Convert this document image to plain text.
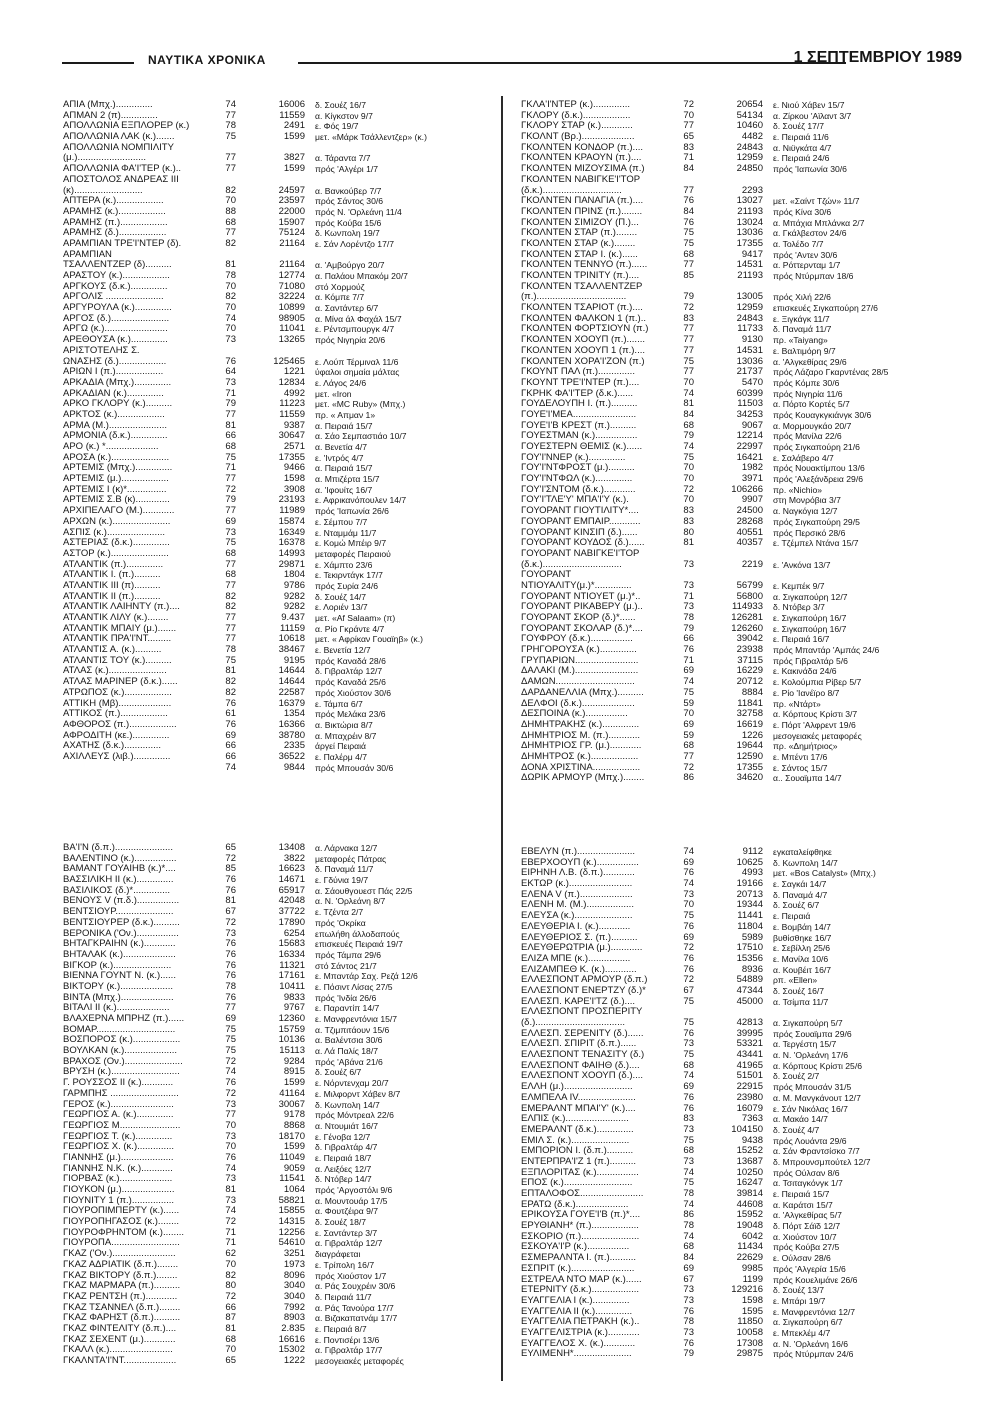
ΝΑΥΤΙΚΑ ΧΡΟΝΙΚΑ	1 ΣΕΠΤΕΜΒΡΙΟΥ 1989
ΑΠΙΑ (Μπχ.)..............	74	16006 δ. Σουέζ 16/7
ΑΠΜΑΝ 2 (π)..............	77	11559 α. Κίγκστον 9/7
ΑΠΟΛΛΩΝΙΑ ΕΞΠΛΟΡΕΡ (κ.)	78	2491 ε. Φός 19/7
ΑΠΟΛΛΩΝΙΑ ΛΑΚ (κ.).......	75	1599 μετ. «Μάρκ Τσάλλεντζερ» (κ.)
ΑΠΟΛΛΩΝΙΑ ΝΟΜΠΙΛΙΤΥ
(μ.)..........................	77	3827 α. Τάραντα 7/7
ΑΠΟΛΛΩΝΙΑ ΦΑ'Ι'ΤΕΡ (κ.)..	77	1599 πρός 'Αλγέρι 1/7
ΑΠΟΣΤΟΛΟΣ ΑΝΔΡΕΑΣ III
(κ)..........................	82	24597 α. Βανκούβερ 7/7
ΑΠΤΕΡΑ (κ.)..................	70	23597 πρός Σάντος 30/6
ΑΡΑΜΗΣ (κ.)..................	88	22000 πρός Ν. 'Ορλεάνη 11/4
ΑΡΑΜΗΣ (π.)..................	68	15907 πρός Κούβα 15/6
ΑΡΑΜΗΣ (δ.)..................	77	75124 δ. Κωνπολη 19/7
ΑΡΑΜΠΙΑΝ ΤΡΕ'Ι'ΝΤΕΡ (δ).	82	21164 ε. Σάν Λορέντζο 17/7
ΑΡΑΜΠΙΑΝ
ΤΣΑΛΛΕΝΤΖΕΡ (δ)..........	81	21164 α. 'Αμβούργο 20/7
ΑΡΑΣΤΟΥ (κ.)..................	78	12774 α. Παλάου Μπακόμ 20/7
ΑΡΓΚΟΥΣ (δ.κ.)..............	70	71080 στό Χορμούζ
ΑΡΓΟΛΙΣ ......................	82	32224 α. Κόμπε 7/7
ΑΡΓΥΡΟΥΛΑ (κ.)..............	70	10899 α. Σαντάντερ 6/7
ΑΡΓΟΣ (δ.)......................	74	98905 α. Μίνα άλ Φαχάλ 15/7
ΑΡΓΩ (κ.)........................	70	11041 ε. Ρέντσμπουργκ 4/7
ΑΡΕΘΟΥΣΑ (κ.)..............	73	13265 πρός Νιγηρία 20/6
ΑΡΙΣΤΟΤΕΛΗΣ Σ.
ΩΝΑΣΗΣ (δ.)..................	76	125465 ε. Λούπ Τέρμιναλ 11/6
ΑΡΙΩΝ Ι (π.)..................	64	1221 ύφαλοι σημαία μάλτας
ΑΡΚΑΔΙΑ (Μπχ.)..............	73	12834 ε. Λάγος 24/6
ΑΡΚΑΔΙΑΝ (κ.)..............	71	4992 μετ. «Iron
ΑΡΚΟ ΓΚΛΟΡΥ (κ.)..........	79	11223 μετ. «MC Ruby» (Μπχ.)
ΑΡΚΤΟΣ (κ.)..................	77	11559 πρ. « Απμαν 1»
ΑΡΜΑ (Μ.)......................	81	9387 α. Πειραιά 15/7
ΑΡΜΟΝΙΑ (δ.κ.)..............	66	30647 α. Σάο Σεμπαστιάο 10/7
ΑΡΟ (κ.) *....................	68	2571 α. Βενετία 4/7
ΑΡΟΣΑ (κ.)......................	75	17355 ε. 'Ιντρός 4/7
ΑΡΤΕΜΙΣ (Μπχ.)..............	71	9466 α. Πειραιά 15/7
ΑΡΤΕΜΙΣ (μ.)..................	77	1598 α. Μπιζέρτα 15/7
ΑΡΤΕΜΙΣ Ι (κ)*...............	72	3908 α. 'Ιφουίτς 16/7
ΑΡΤΕΜΙΣ Σ.Β (κ).............	79	23193 ε. Αφρικανόπουλεν 14/7
ΑΡΧΙΠΕΛΑΓΟ (Μ.)............	77	11989 πρός 'Ιαπωνία 26/6
ΑΡΧΩΝ (κ.)......................	69	15874 ε. Σέμπου 7/7
ΑΣΠΙΣ (κ.)......................	73	16349 ε. Νταμμάμ 11/7
ΑΣΤΕΡΙΑΣ (δ.κ.)..............	75	16378 ε. Κομώ Μπέιρ 9/7
ΑΣΤΟΡ (κ.)......................	68	14993 μεταφορές Πειραιού
ΑΤΛΑΝΤΙΚ (π.)..............	77	29871 ε. Χάμπτο 23/6
ΑΤΛΑΝΤΙΚ Ι. (π.)..........	68	1804 ε. Τεκιρντάγκ 17/7
ΑΤΛΑΝΤΙΚ ΙΙΙ (π)..........	77	9786 πρός Συρία 24/6
ΑΤΛΑΝΤΙΚ ΙΙ (π.)..........	82	9282 δ. Σουέζ 14/7
ΑΤΛΑΝΤΙΚ ΛΑΙΗΝΤΥ (π.)....	82	9282 ε. Λοριέν 13/7
ΑΤΛΑΝΤΙΚ ΛΙΛΥ (κ.)........	77	9.437 μετ. «Af Salaam» (π)
ΑΤΛΑΝΤΙΚ ΜΠΑΙΥ (μ.).......	77	11159 α. Ρίο Γκράντε 4/7
ΑΤΛΑΝΤΙΚ ΠΡΑ'Ι'ΝΤ.........	77	10618 μετ. « Αφρίκαν Γουαϊηβ» (κ.)
ΑΤΛΑΝΤΙΣ Α. (κ.)..........	78	38467 ε. Βενετία 12/7
ΑΤΛΑΝΤΙΣ ΤΟΥ (κ.)..........	75	9195 πρός Καναδά 28/6
ΑΤΛΑΣ (κ.)......................	81	14644 δ. Γιβραλτάρ 12/7
ΑΤΛΑΣ ΜΑΡΙΝΕΡ (δ.κ.)......	82	14644 πρός Καναδά 25/6
ΑΤΡΩΠΟΣ (κ.)..................	82	22587 πρός Χιούστον 30/6
ΑΤΤΙΚΗ (Μβ)....................	76	16379 ε. Τάμπα 6/7
ΑΤΤΙΚΟΣ (π.)..................	61	1354 πρός Μελάκα 23/6
ΑΦΘΟΡΟΣ (π.)..................	76	16366 α. Βικτώρια 8/7
ΑΦΡΟΔΙΤΗ (κε.)..............	69	38780 α. Μπαχρέιν 8/7
ΑΧΑΤΗΣ (δ.κ.)..............	66	2335 άργεί Πειραιά
ΑΧΙΛΛΕΥΣ (λιβ.)..............	66	36522 ε. Παλέρμ 4/7
74	9844 πρός Μπουσάν 30/6
ΓΚΛΑ'Ι'ΝΤΕΡ (κ.)..............	72	20654 ε. Νιού Χάβεν 15/7
ΓΚΛΟΡΥ (δ.κ.)..................	70	54134 α. Ζίρκου 'Αϊλαντ 3/7
ΓΚΛΟΡΥ ΣΤΑΡ (κ.)............	77	10460 δ. Σουέζ 17/7
ΓΚΟΛΝΤ (Βρ.)....................	65	4482 ε. Πειραιά 11/6
ΓΚΟΛΝΤΕΝ ΚΟΝΔΟΡ (π.)....	83	24843 α. Νιϋγκάτα 4/7
ΓΚΟΛΝΤΕΝ ΚΡΑΟΥΝ (π.)....	71	12959 ε. Πειραιά 24/6
ΓΚΟΛΝΤΕΝ ΜΙΖΟΥΣΙΜΑ (π.)	84	24850 πρός 'Ιαπωνία 30/6
ΓΚΟΛΝΤΕΝ ΝΑΒΙΓΚΕ'Ι'ΤΟΡ
(δ.κ.)..............................	77	2293
ΓΚΟΛΝΤΕΝ ΠΑΝΑΓΙΑ (π.)....	76	13027 μετ. «Σαίντ Τζών» 11/7
ΓΚΟΛΝΤΕΝ ΠΡΙΝΣ (π.)........	84	21193 πρός Κίνα 30/6
ΓΚΟΛΝΤΕΝ ΣΙΜΙΖΟΥ (Π.)...	76	13024 α. Μπάχια Μπλάνκα 2/7
ΓΚΟΛΝΤΕΝ ΣΤΑΡ (π.)........	75	13036 α. Γκάλβεστον 24/6
ΓΚΟΛΝΤΕΝ ΣΤΑΡ (κ.)........	75	17355 α. Τολέδο 7/7
ΓΚΟΛΝΤΕΝ ΣΤΑΡ Ι. (κ.)......	68	9417 πρός 'Αντεν 30/6
ΓΚΟΛΝΤΕΝ ΤΕΝΝΥΟ (π.)......	77	14531 α. Ρόττερνταμ 1/7
ΓΚΟΛΝΤΕΝ ΤΡΙΝΙΤΥ (π.)....	85	21193 πρός Ντύρμπαν 18/6
ΓΚΟΛΝΤΕΝ ΤΣΑΛΛΕΝΤΖΕΡ
(π.)..................................	79	13005 πρός Χιλή 22/6
ΓΚΟΛΝΤΕΝ ΤΣΑΡΙΟΤ (π.)....	72	12959 επισκευές Σιγκαπούρη 27/6
ΓΚΟΛΝΤΕΝ ΦΑΛΚΟΝ 1 (π.)..	83	24843 ε. Ξιγκάγκ 11/7
ΓΚΟΛΝΤΕΝ ΦΟΡΤΣΙΟΥΝ (π.)	77	11733 δ. Παναμά 11/7
ΓΚΟΛΝΤΕΝ ΧΟΟΥΠ (π.).......	77	9130 πρ. «Taiyang»
ΓΚΟΛΝΤΕΝ ΧΟΟΥΠ 1 (π.)....	77	14531 ε. Βαλτιμόρη 9/7
ΓΚΟΛΝΤΕΝ ΧΟΡΑ'Ι'ΖΟΝ (π.)	75	13036 α. 'Αλγκεθίρας 29/6
ΓΚΟΥΝΤ ΠΑΛ (π.)..............	77	21737 πρός Λάζαρο Γκαρντένας 28/5
ΓΚΟΥΝΤ ΤΡΕ'Ι'ΝΤΕΡ (π.)....	70	5470 πρός Κόμπε 30/6
ΓΚΡΗΚ ΦΑ'Ι'ΤΕΡ (δ.κ.)......	74	60399 πρός Νιγηρία 11/6
ΓΟΥΔΕΛΟΥΠΗ Ι. (π.)..........	81	11503 α. Πόρτο Κορτές 5/7
ΓΟΥΕ'Ι'ΜΕΑ........................	84	34253 πρός Κουαγκγκιάνγκ 30/6
ΓΟΥΕ'Ι'Β ΚΡΕΣΤ (π.)..........	68	9067 α. Μορμουγκάο 20/7
ΓΟΥΕΣΤΜΑΝ (κ.)................	79	12214 πρός Μανίλα 22/6
ΓΟΥΕΣΤΕΡΝ ΘΕΜΙΣ (κ.)......	74	22997 πρός Σιγκαπούρη 21/6
ΓΟΥ'Ι'ΝΝΕΡ (κ.)..............	75	16421 ε. Σαλάβερο 4/7
ΓΟΥ'Ι'ΝΤΦΡΟΣΤ (μ.)..........	70	1982 πρός Νουακτίμπου 13/6
ΓΟΥ'Ι'ΝΤΦΩΛ (κ.)..............	70	3971 πρός 'Αλεξάνδρεια 29/6
ΓΟΥ'Ι'ΣΝΤΟΜ (δ.κ.)............	72	106266 πρ. «Nichio»
ΓΟΥ'Ι'ΤΛΕ'Υ' ΜΠΑ'Ι'Υ (κ.).	70	9907 στη Μονρόβια 3/7
ΓΟΥΟΡΑΝΤ ΓΙΟΥΤΙΛΙΤΥ*....	83	24500 α. Ναγκόγια 12/7
ΓΟΥΟΡΑΝΤ ΕΜΠΑΙΡ............	83	28268 πρός Σιγκαπούρη 29/5
ΓΟΥΟΡΑΝΤ ΚΙΝΣΙΠ (δ.)......	80	40551 πρός Περσικό 28/6
ΓΟΥΟΡΑΝΤ ΚΟΥΔΟΣ (δ.)......	81	40357 ε. Τζέμπελ Ντάνα 15/7
ΓΟΥΟΡΑΝΤ ΝΑΒΙΓΚΕ'Ι'ΤΟΡ
(δ.κ.)..............................	73	2219 ε. 'Ανκόνα 13/7
ΓΟΥΟΡΑΝΤ
ΝΤΙΟΥΑΛΙΤΥ(μ.)*..............	73	56799 ε. Κεμπέκ 9/7
ΓΟΥΟΡΑΝΤ ΝΤΙΟΥΕΤ (μ.)*..	71	56800 α. Σιγκαπούρη 12/7
ΓΟΥΟΡΑΝΤ ΡΙΚΑΒΕΡΥ (μ.)..	73	114933 δ. Ντόβερ 3/7
ΓΟΥΟΡΑΝΤ ΣΚΟΡ (δ.)*......	78	126281 ε. Σιγκαπούρη 16/7
ΓΟΥΟΡΑΝΤ ΣΚΟΛΑΡ (δ.)*....	79	126260 ε. Σιγκαπούρη 16/7
ΓΟΥΦΡΟΥ (δ.κ.)................	66	39042 ε. Πειραιά 16/7
ΓΡΗΓΟΡΟΥΣΑ (κ.)..............	76	23938 πρός Μπαντάρ 'Αμπάς 24/6
ΓΡΥΠΑΡΙΩΝ........................	71	37115 πρός Γιβραλτάρ 5/6
ΔΑΛΑΚΙ (Μ.)........................	69	16229 ε. Κακινάδα 24/6
ΔΑΜΩΝ..............................	74	20712 ε. Κολούμπια Ρίβερ 5/7
ΔΑΡΔΑΝΕΛΛΙΑ (Μπχ.)..........	75	8884 ε. Ρίο 'Ιανέϊρο 8/7
ΔΕΛΦΟΙ (δ.κ.)....................	59	11841 πρ. «Ντάρτ»
ΔΕΣΠΟΙΝΑ (κ.)................	70	32758 α. Κόρπους Κρίστι 3/7
ΔΗΜΗΤΡΑΚΗΣ (κ.)..............	69	16619 ε. Πόρτ 'Αλφρεντ 19/6
ΔΗΜΗΤΡΙΟΣ Μ. (π.)............	59	1226 μεσογειακές μεταφορές
ΔΗΜΗΤΡΙΟΣ ΓΡ. (μ.)............	68	19644 πρ. «Δημήτριος»
ΔΗΜΗΤΡΟΣ (κ.)..................	77	12590 ε. Μπέντι 17/6
ΔΟΝΑ ΧΡΙΣΤΙΝΑ..................	72	17355 ε. Σάντος 15/7
ΔΩΡΙΚ ΑΡΜΟΥΡ (Μπχ.)........	86	34620 α.. Σουαϊμπα 14/7
ΒΑ'Ι'Ν (δ.π.)......................	65	13408 α. Λάρνακα 12/7
ΒΑΛΕΝΤΙΝΟ (κ.)................	72	3822 μεταφορές Πάτρας
ΒΑΜΑΝΤ ΓΟΥΑΙΗΒ (κ.)*....	85	16623 δ. Παναμά 11/7
ΒΑΣΣΙΛΙΚΗ ΙΙ (κ.)..............	76	14671 ε. Γδύνια 19/7
ΒΑΣΙΛΙΚΟΣ (δ.)*..............	76	65917 α. Σάουθγουεστ Πάς 22/5
ΒΕΝΟΥΣ V (π.δ.)................	81	42048 α. Ν. 'Ορλεάνη 8/7
ΒΕΝΤΣΙΟΥΡ......................	67	37722 ε. Τζέντα 2/7
ΒΕΝΤΣΙΟΥΡΕΡ (δ.κ.)..........	72	17890 πρός 'Οκρίκα
ΒΕΡΟΝΙΚΑ ('Ον.)................	73	6254 επωλήθη άλλοδαπούς
ΒΗΤΑΓΚΡΑΙΗΝ (κ.)............	76	15683 επισκευές Πειραιά 19/7
ΒΗΤΑΛΑΚ (κ.)....................	76	16334 πρός Τάμπα 29/6
ΒΙΓΚΟΡ (κ.)......................	76	11321 στό Σάντος 21/7
ΒΙΕΝΝΑ ΓΟΥΝΤ Ν. (κ.)......	76	17161 ε. Μπαντάρ Σαχ. Ρεζά 12/6
ΒΙΚΤΟΡΥ (κ.)....................	78	10411 ε. Πόσιντ Λίσας 27/5
ΒΙΝΤΑ (Μπχ.)....................	76	9833 πρός 'Ινδία 26/6
ΒΙΤΑΛΙ ΙΙ (κ.)....................	77	9767 ε. Παραντίπ 14/7
ΒΛΑΧΕΡΝΑ ΜΠΡΗΖ (π.)......	69	12360 ε. Μανφρεντόνια 15/7
ΒΟΜΑΡ..............................	75	15759 α. Τζιμπιτάουν 15/6
ΒΟΣΠΟΡΟΣ (κ.)..................	75	10136 α. Βαλέντσια 30/6
ΒΟΥΛΚΑΝ (κ.)....................	75	15113 α. Λά Παλίς 18/7
ΒΡΑΧΟΣ (Ον.)......................	72	9284 πρός 'Αβάνα 21/6
ΒΡΥΣΗ (κ.)..........................	74	8915 δ. Σουέζ 6/7
Γ. ΡΟΥΣΣΟΣ ΙΙ (κ.)............	76	1599 ε. Νόρντενχαμ 20/7
ΓΑΡΜΠΗΣ ..........................	72	41164 ε. Μιλφορντ Χάβεν 8/7
ΓΕΡΟΣ (κ.)........................	73	30067 δ. Κωνπολη 14/7
ΓΕΩΡΓΙΟΣ Α. (κ.)..............	77	9178 πρός Μόντρεαλ 22/6
ΓΕΩΡΓΙΟΣ Μ.......................	70	8868 α. Ντουμιάτ 16/7
ΓΕΩΡΓΙΟΣ Τ. (κ.)..............	73	18170 ε. Γένοβα 12/7
ΓΕΩΡΓΙΟΣ Χ. (κ.)..............	70	1599 δ. Γιβραλτάρ 4/7
ΓΙΑΝΝΗΣ (μ.)....................	76	11049 ε. Πειραιά 18/7
ΓΙΑΝΝΗΣ Ν.Κ. (κ.)............	74	9059 α. Λειξόες 12/7
ΓΙΟΡΒΑΣ (κ.)....................	73	11541 δ. Ντόβερ 14/7
ΓΙΟΥΚΟΝ (μ.)....................	81	1064 πρός 'Αργοστόλι 9/6
ΓΙΟΥΝΙΤΥ 1 (π.)................	73	58821 α. Μουντουάρ 17/5
ΓΙΟΥΡΟΠΙΜΠΕΡΤΥ (κ.)......	74	15855 α. Φουτζέιρα 9/7
ΓΙΟΥΡΟΠΗΓΑΣΟΣ (κ.)........	72	14315 δ. Σουέζ 18/7
ΓΙΟΥΡΟΦΡΗΝΤΟΜ (κ.)........	71	12256 ε. Σαντάντερ 3/7
ΓΙΟΥΡΟΠΑ..........................	71	54610 α. Γιβραλτάρ 12/7
ΓΚΑΖ ('Ον.)........................	62	3251 διαγράφεται
ΓΚΑΖ ΑΔΡΙΑΤΙΚ (δ.π.)........	70	1973 ε. Τρίπολη 16/7
ΓΚΑΖ ΒΙΚΤΟΡΥ (δ.π.)........	82	8096 πρός Χιούστον 1/7
ΓΚΑΖ ΜΑΡΜΑΡΑ (π.)..........	80	3040 α. Ράς Σουχρέιν 30/6
ΓΚΑΖ ΡΕΝΤΣΗ (π.)............	72	3040 δ. Πειραιά 11/7
ΓΚΑΖ ΤΣΑΝΝΕΛ (δ.π.)........	66	7992 α. Ράς Τανούρα 17/7
ΓΚΑΖ ΦΑΡΗΣΤ (δ.π.)..........	87	8903 α. Βιζακαπατνάμ 17/7
ΓΚΑΖ ΦΙΝΤΕΛΙΤΥ (δ.π.)....	81	2.835 ε. Πειραιά 8/7
ΓΚΑΖ ΣΕΧΕΝΤ (μ.)............	68	16616 ε. Ποντισέρι 13/6
ΓΚΑΛΛ (κ.)........................	70	15302 α. Γιβραλτάρ 17/7
ΓΚΑΛΝΤΑ'Ι'ΝΤ....................	65	1222 μεσογειακές μεταφορές
ΕΒΕΛΥΝ (π.)......................	74	9112 εγκαταλείφθηκε
ΕΒΕΡΧΟΟΥΠ (κ.)................	69	10625 δ. Κωνπολη 14/7
ΕΙΡΗΝΗ Λ.Β. (δ.π.)............	76	4993 μετ. «Bos Catalyst» (Μπχ.)
ΕΚΤΩΡ (κ.)........................	74	19166 ε. Σαγκάι 14/7
ΕΛΕΝΑ V (π.)....................	73	20713 δ. Παναμά 4/7
ΕΛΕΝΗ Μ. (Μ.)..................	70	19344 δ. Σουέζ 6/7
ΕΛΕΥΣΑ (κ.)......................	75	11441 ε. Πειραιά
ΕΛΕΥΘΕΡΙΑ Ι. (κ.)............	76	11804 ε. Βομβάη 14/7
ΕΛΕΥΘΕΡΙΟΣ Σ. (π.)..........	69	5989 βυθίσθηκε 16/7
ΕΛΕΥΘΕΡΩΤΡΙΑ (μ.)............	72	17510 ε. Σεβίλλη 25/6
ΕΛΙΖΑ ΜΠΕ (κ.)................	76	15356 ε. Μανίλα 10/6
ΕΛΙΖΑΜΠΕΘ Κ. (κ.)............	76	8936 α. Κουβέιτ 16/7
ΕΛΛΕΣΠΟΝΤ ΑΡΜΟΥΡ (δ.π.)	72	54889 ρπ. «Ellen»
ΕΛΛΕΣΠΟΝΤ ΕΝΕΡΤΖΥ (δ.)*	67	47344 δ. Σουέζ 16/7
ΕΛΛΕΣΠ. ΚΑΡΕ'Ι'ΤΖ (δ.)....	75	45000 α. Τσίμπα 11/7
ΕΛΛΕΣΠΟΝΤ ΠΡΟΣΠΕΡΙΤΥ
(δ.)..................................	75	42813 α. Σιγκαπούρη 5/7
ΕΛΛΕΣΠ. ΣΕΡΕΝΙΤΥ (δ.)......	76	39995 πρός Σουαϊμπα 29/6
ΕΛΛΕΣΠ. ΣΠΙΡΙΤ (δ.π.)......	73	53321 α. Τεργέστη 15/7
ΕΛΛΕΣΠΟΝΤ ΤΕΝΑΣΙΤΥ (δ.)	75	43441 α. Ν. 'Ορλεάνη 17/6
ΕΛΛΕΣΠΟΝΤ ΦΑΙΗΘ (δ.)....	68	41965 α. Κόρπους Κρίστι 25/6
ΕΛΛΕΣΠΟΝΤ ΧΟΟΥΠ (δ.)....	74	51501 δ. Σουέζ 2/7
ΕΛΛΗ (μ.)..........................	69	22915 πρός Μπουσάν 31/5
ΕΛΜΠΕΛΑ ΙV......................	76	23980 α. Μ. Μανγκάνουτ 12/7
ΕΜΕΡΑΛΝΤ ΜΠΑΙ'Υ' (κ.)....	76	16079 ε. Σάν Νικόλας 16/7
ΕΛΠΙΣ (κ.)........................	83	7363 α. Μακάο 14/7
ΕΜΕΡΑΛΝΤ (δ.κ.)..............	73	104150 δ. Σουέζ 4/7
ΕΜΙΛ Σ. (κ.)......................	75	9438 πρός Λουάντα 29/6
ΕΜΠΟΡΙΟΝ Ι. (δ.π.)..........	68	15252 α. Σάν Φραντσίσκο 7/7
ΕΝΤΕΡΠΡΑ'Ι'Ζ 1 (π.)..........	73	13687 δ. Μπρουνσμπούτελ 12/7
ΕΞΠΛΟΡΙΤΑΣ (κ.)................	74	10250 πρός Ούλσαν 8/6
ΕΠΟΣ (κ.)..........................	75	16247 α. Τσιταγκόνγκ 1/7
ΕΠΤΑΛΟΦΟΣ........................	78	39814 ε. Πειραιά 15/7
ΕΡΑΤΩ (δ.κ.)....................	74	44608 α. Καράτσι 15/7
ΕΡΙΚΟΥΣΑ ΓΟΥΕ'Ι'Β (π.)*....	86	15952 α. 'Αλγκεθίρας 5/7
ΕΡΥΘΙΑΝΗ* (π.)..................	78	19048 δ. Πόρτ Σάϊδ 12/7
ΕΣΚΟΡΙΟ (π.)......................	74	6042 α. Χιούστον 10/7
ΕΣΚΟΥΑ'Ι'Ρ (κ.)................	68	11434 πρός Κούβα 27/5
ΕΣΜΕΡΑΛΝΤΑ Ι. (π.)..........	84	22629 ε. Ούλσαν 28/6
ΕΣΠΡΙΤ (κ.)........................	69	9985 πρός 'Αλγερία 15/6
ΕΣΤΡΕΛΑ ΝΤΟ ΜΑΡ (κ.)......	67	1199 πρός Κουελιμάνε 26/6
ΕΤΕΡΝΙΤΥ (δ.κ.)..................	73	129216 δ. Σουέζ 13/7
ΕΥΑΓΓΕΛΙΑ Ι (κ.)..............	73	1598 ε. Μπάρι 19/7
ΕΥΑΓΓΕΛΙΑ ΙΙ (κ.)..............	76	1595 ε. Μανφρεντόνια 12/7
ΕΥΑΓΓΕΛΙΑ ΠΕΤΡΑΚΗ (κ.)..	78	11850 α. Σιγκαπούρη 6/7
ΕΥΑΓΓΕΛΙΣΤΡΙΑ (κ.)............	73	10058 ε. Μπεκλέμ 4/7
ΕΥΑΓΓΕΛΟΣ Χ. (κ.)............	76	17308 α. Ν. 'Ορλεάνη 16/6
ΕΥΛΙΜΕΝΗ*......................	79	29875 πρός Ντύρμπαν 24/6
